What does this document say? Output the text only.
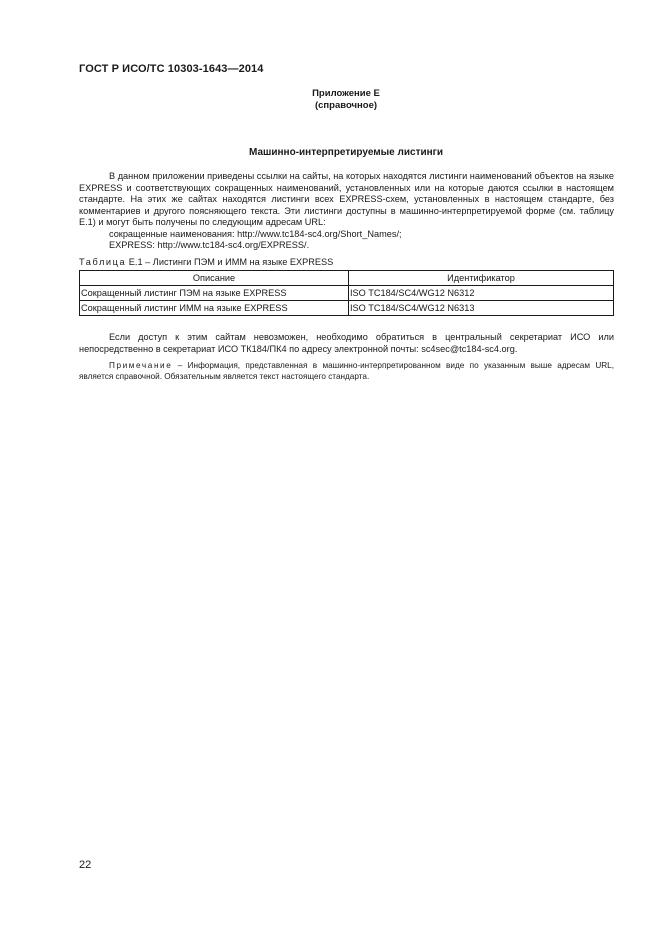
ГОСТ Р ИСО/ТС 10303-1643—2014
Приложение Е
(справочное)
Машинно-интерпретируемые листинги

В данном приложении приведены ссылки на сайты, на которых находятся листинги наименований объектов на языке EXPRESS и соответствующих сокращенных наименований, установленных или на которые даются ссылки в настоящем стандарте. На этих же сайтах находятся листинги всех EXPRESS-схем, установленных в настоящем стандарте, без комментариев и другого поясняющего текста. Эти листинги доступны в машинно-интерпретируемой форме (см. таблицу Е.1) и могут быть получены по следующим адресам URL:

сокращенные наименования: http://www.tc184-sc4.org/Short_Names/;

EXPRESS: http://www.tc184-sc4.org/EXPRESS/.

Таблица Е.1 – Листинги ПЭМ и ИММ на языке EXPRESS
Описание	Идентификатор
Сокращенный листинг ПЭМ на языке EXPRESS	ISO TC184/SC4/WG12 N6312
Сокращенный листинг ИММ на языке EXPRESS	ISO TC184/SC4/WG12 N6313

Если доступ к этим сайтам невозможен, необходимо обратиться в центральный секретариат ИСО или непосредственно в секретариат ИСО ТК184/ПК4 по адресу электронной почты: sc4sec@tc184-sc4.org.

Примечание – Информация, представленная в машинно-интерпретированном виде по указанным выше адресам URL, является справочной. Обязательным является текст настоящего стандарта.

22
